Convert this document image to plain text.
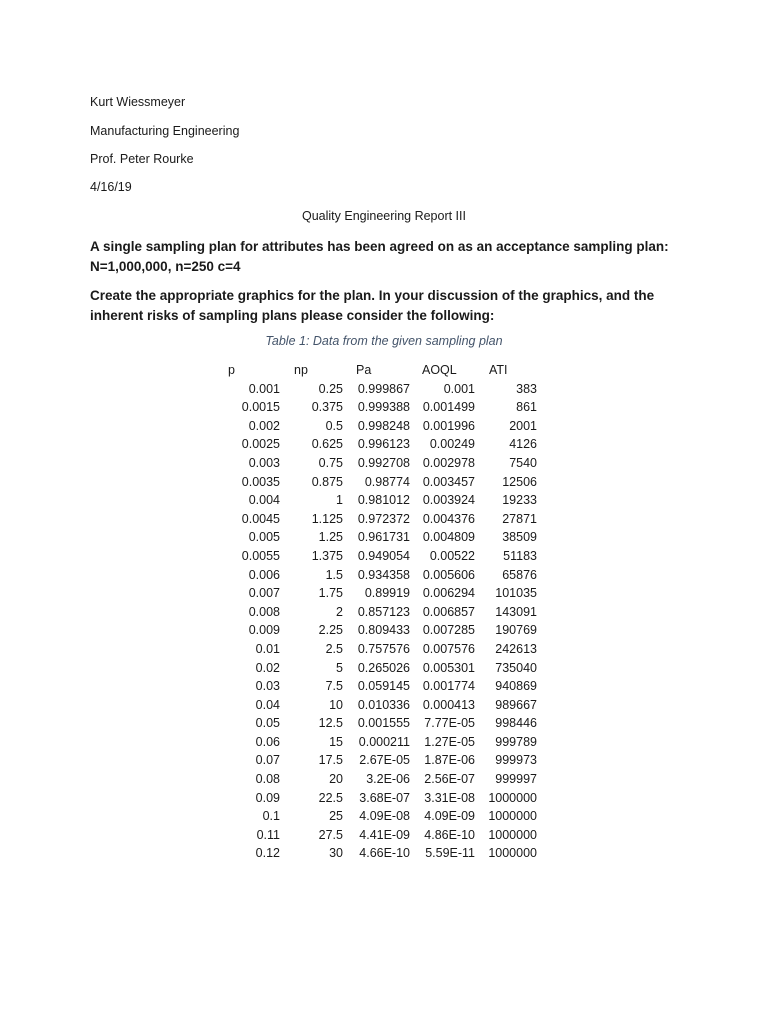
Kurt Wiessmeyer
Manufacturing Engineering
Prof. Peter Rourke
4/16/19
Quality Engineering Report III
A single sampling plan for attributes has been agreed on as an acceptance sampling plan: N=1,000,000, n=250 c=4
Create the appropriate graphics for the plan. In your discussion of the graphics, and the inherent risks of sampling plans please consider the following:
Table 1: Data from the given sampling plan
p	np	Pa	AOQL	ATI
0.001	0.25	0.999867	0.001	383
0.0015	0.375	0.999388	0.001499	861
0.002	0.5	0.998248	0.001996	2001
0.0025	0.625	0.996123	0.00249	4126
0.003	0.75	0.992708	0.002978	7540
0.0035	0.875	0.98774	0.003457	12506
0.004	1	0.981012	0.003924	19233
0.0045	1.125	0.972372	0.004376	27871
0.005	1.25	0.961731	0.004809	38509
0.0055	1.375	0.949054	0.00522	51183
0.006	1.5	0.934358	0.005606	65876
0.007	1.75	0.89919	0.006294	101035
0.008	2	0.857123	0.006857	143091
0.009	2.25	0.809433	0.007285	190769
0.01	2.5	0.757576	0.007576	242613
0.02	5	0.265026	0.005301	735040
0.03	7.5	0.059145	0.001774	940869
0.04	10	0.010336	0.000413	989667
0.05	12.5	0.001555	7.77E-05	998446
0.06	15	0.000211	1.27E-05	999789
0.07	17.5	2.67E-05	1.87E-06	999973
0.08	20	3.2E-06	2.56E-07	999997
0.09	22.5	3.68E-07	3.31E-08	1000000
0.1	25	4.09E-08	4.09E-09	1000000
0.11	27.5	4.41E-09	4.86E-10	1000000
0.12	30	4.66E-10	5.59E-11	1000000
